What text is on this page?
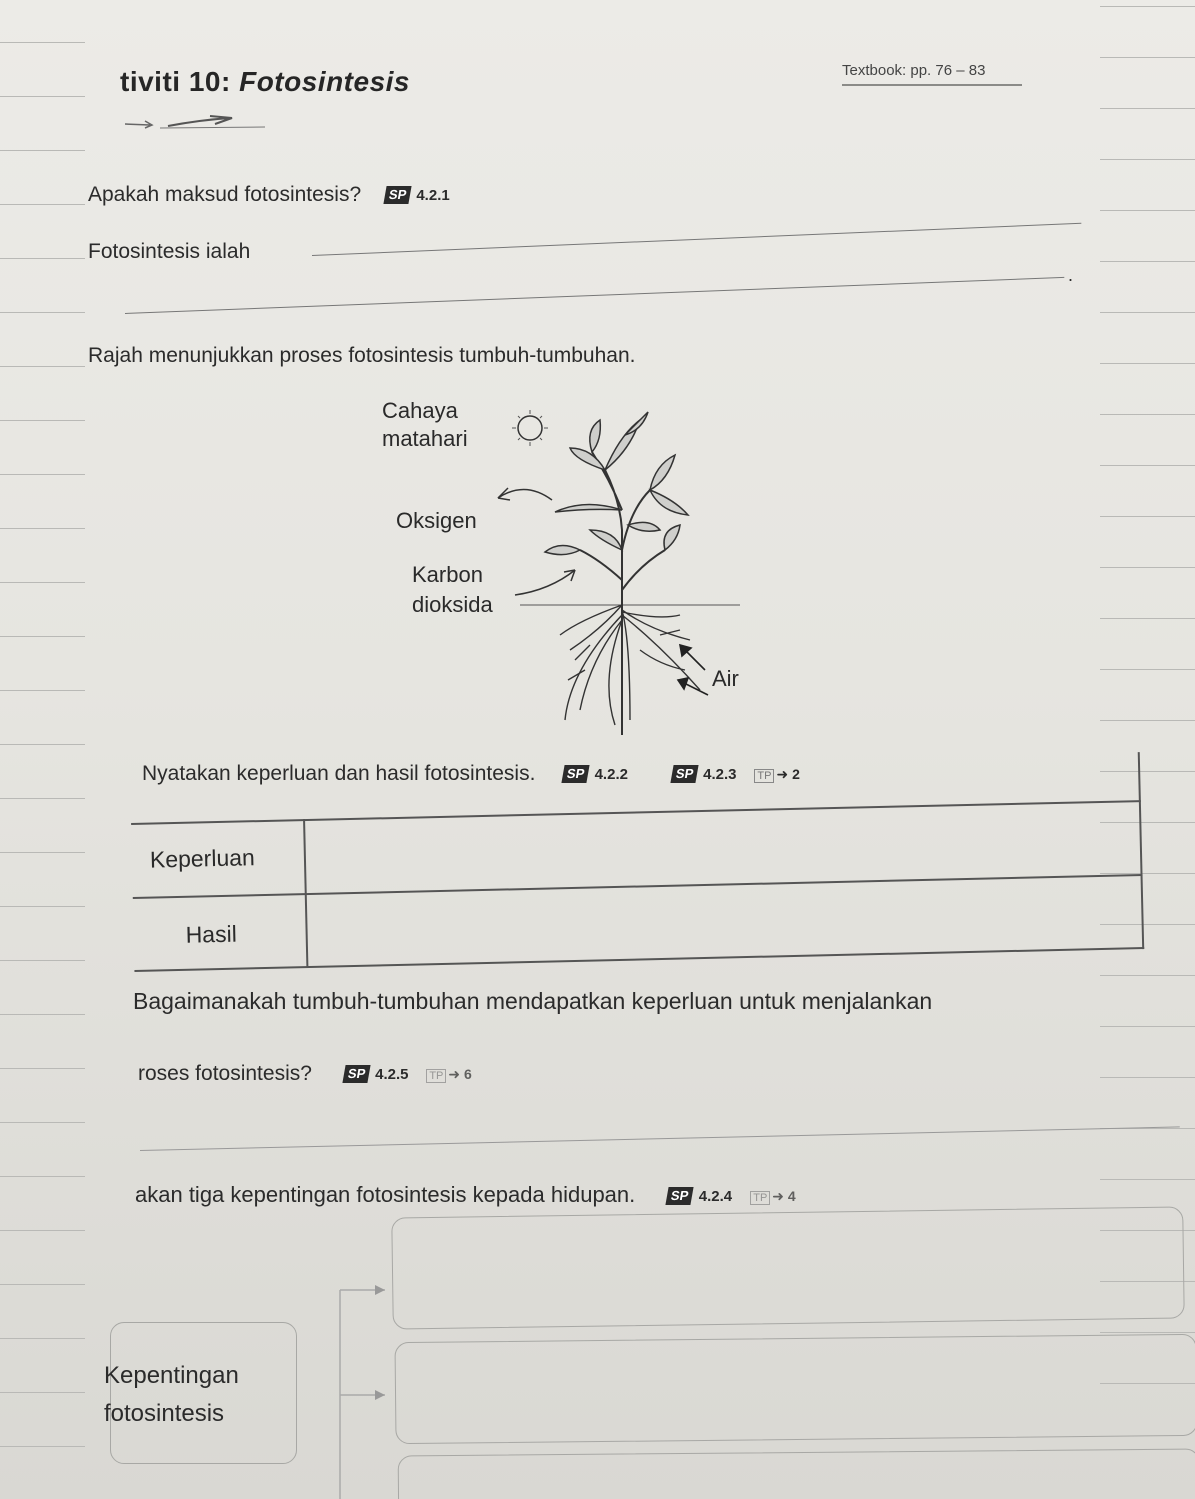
tiviti 10: Fotosintesis	Textbook: pp. 76 – 83
Apakah maksud fotosintesis?	SP 4.2.1
Fotosintesis ialah
.
Rajah menunjukkan proses fotosintesis tumbuh-tumbuhan.
Cahaya
matahari
Oksigen
Karbon
dioksida
Air
Nyatakan keperluan dan hasil fotosintesis.	SP 4.2.2
	SP 4.2.3 TP ➜ 2
Keperluan
Hasil
Bagaimanakah tumbuh-tumbuhan mendapatkan keperluan untuk menjalankan
roses fotosintesis?	SP 4.2.5 TP ➜ 6
akan tiga kepentingan fotosintesis kepada hidupan.	SP 4.2.4 TP ➜ 4
Kepentingan
fotosintesis
